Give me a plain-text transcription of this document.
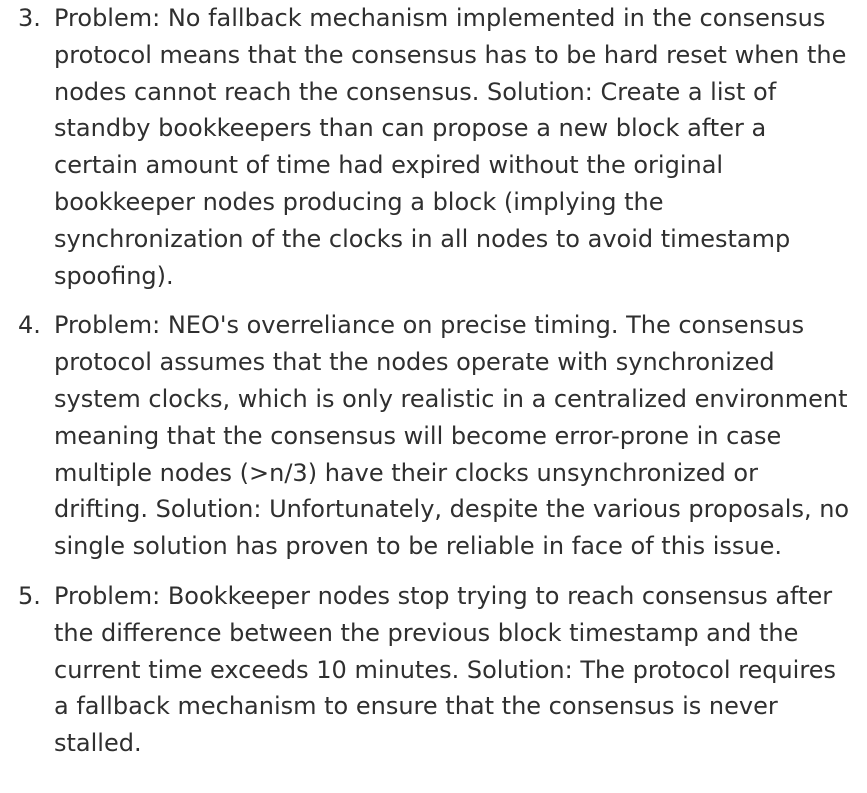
3. Problem: No fallback mechanism implemented in the consensus protocol means that the consensus has to be hard reset when the nodes cannot reach the consensus. Solution: Create a list of standby bookkeepers than can propose a new block after a certain amount of time had expired without the original bookkeeper nodes producing a block (implying the synchronization of the clocks in all nodes to avoid timestamp spoofing).
4. Problem: NEO's overreliance on precise timing. The consensus protocol assumes that the nodes operate with synchronized system clocks, which is only realistic in a centralized environment meaning that the consensus will become error-prone in case multiple nodes (>n/3) have their clocks unsynchronized or drifting. Solution: Unfortunately, despite the various proposals, no single solution has proven to be reliable in face of this issue.
5. Problem: Bookkeeper nodes stop trying to reach consensus after the difference between the previous block timestamp and the current time exceeds 10 minutes. Solution: The protocol requires a fallback mechanism to ensure that the consensus is never stalled.
